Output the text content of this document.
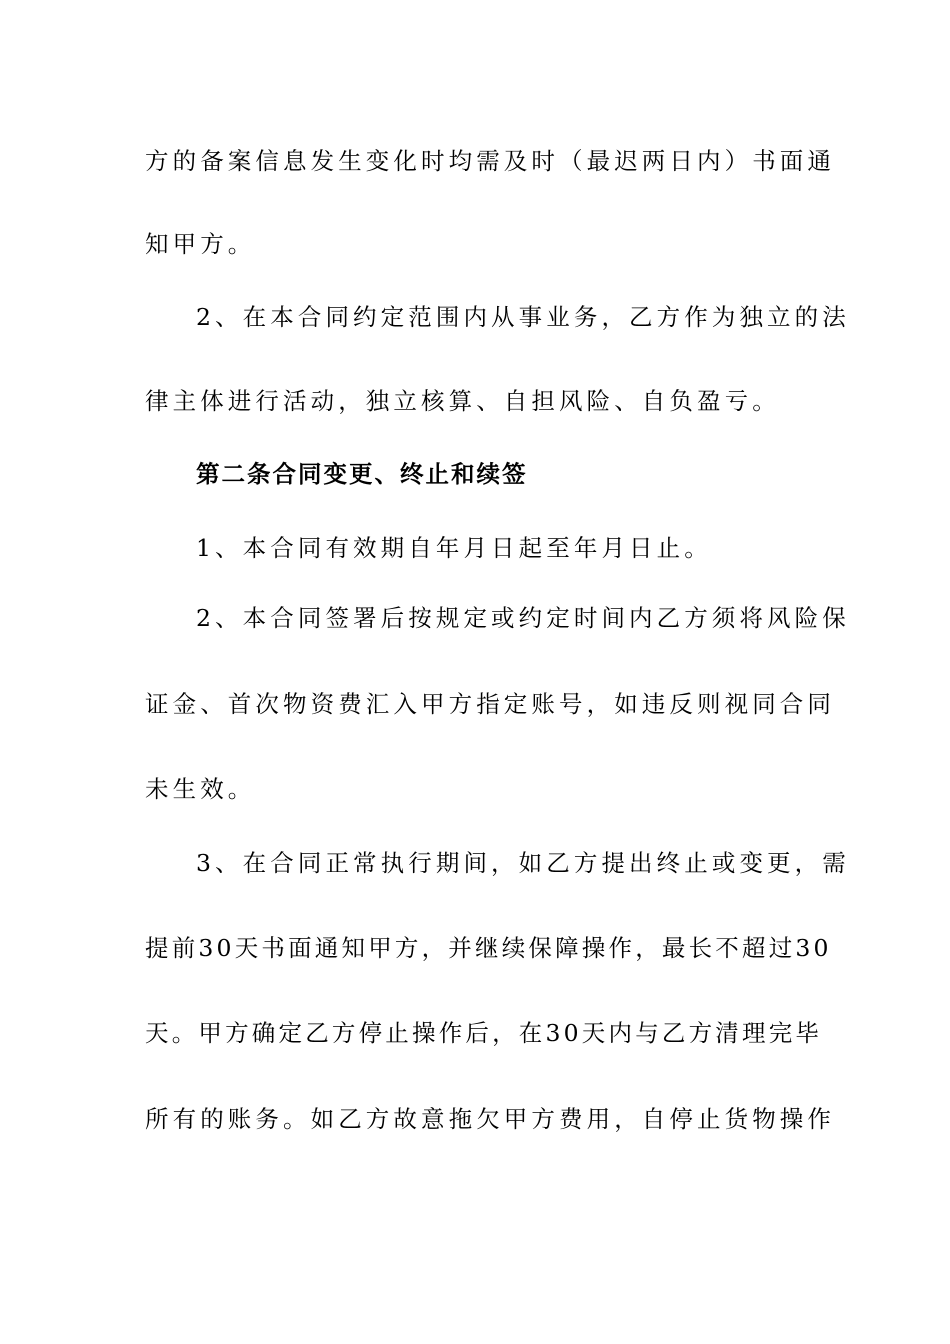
方的备案信息发生变化时均需及时（最迟两日内）书面通
知甲方。
2、在本合同约定范围内从事业务，乙方作为独立的法
律主体进行活动，独立核算、自担风险、自负盈亏。
第二条合同变更、终止和续签
1、本合同有效期自年月日起至年月日止。
2、本合同签署后按规定或约定时间内乙方须将风险保
证金、首次物资费汇入甲方指定账号，如违反则视同合同
未生效。
3、在合同正常执行期间，如乙方提出终止或变更，需
提前30天书面通知甲方，并继续保障操作，最长不超过30
天。甲方确定乙方停止操作后，在30天内与乙方清理完毕
所有的账务。如乙方故意拖欠甲方费用，自停止货物操作
